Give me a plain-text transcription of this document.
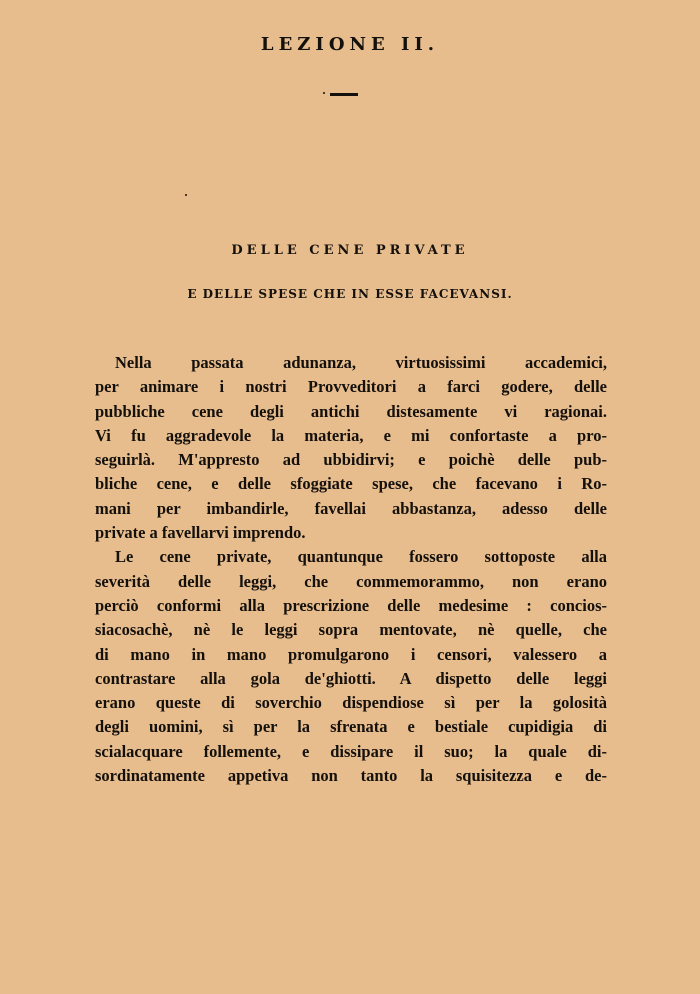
LEZIONE II.
DELLE CENE PRIVATE
E DELLE SPESE CHE IN ESSE FACEVANSI.
Nella passata adunanza, virtuosissimi accademici,
per animare i nostri Provveditori a farci godere, delle
pubbliche cene degli antichi distesamente vi ragionai.
Vi fu aggradevole la materia, e mi confortaste a pro-
seguirlà. M'appresto ad ubbidirvi; e poichè delle pub-
bliche cene, e delle sfoggiate spese, che facevano i Ro-
mani per imbandirle, favellai abbastanza, adesso delle
private a favellarvi imprendo.
Le cene private, quantunque fossero sottoposte alla
severità delle leggi, che commemorammo, non erano
perciò conformi alla prescrizione delle medesime : concios-
siacosachè, nè le leggi sopra mentovate, nè quelle, che
di mano in mano promulgarono i censori, valessero a
contrastare alla gola de'ghiotti. A dispetto delle leggi
erano queste di soverchio dispendiose sì per la golosità
degli uomini, sì per la sfrenata e bestiale cupidigia di
scialacquare follemente, e dissipare il suo; la quale di-
sordinatamente appetiva non tanto la squisitezza e de-
